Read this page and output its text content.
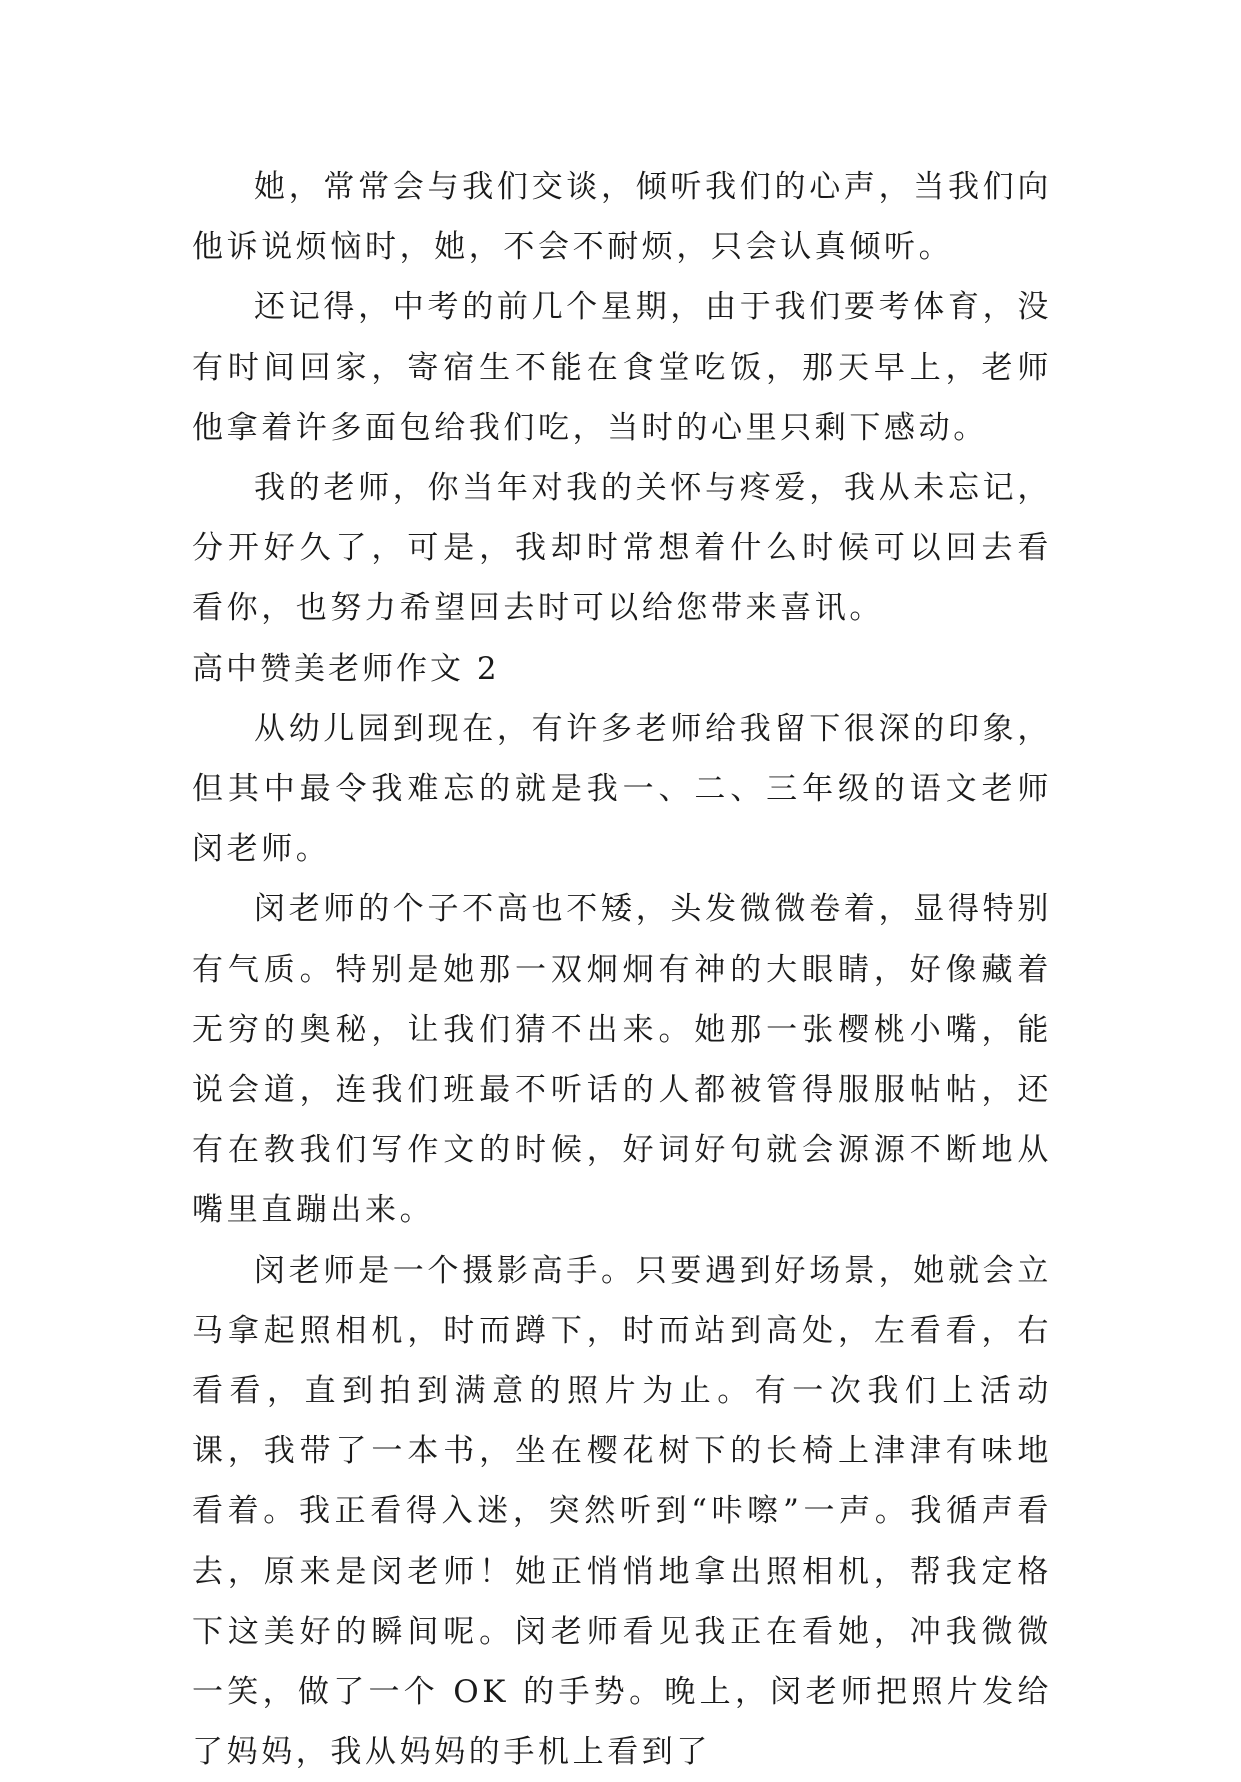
她，常常会与我们交谈，倾听我们的心声，当我们向他诉说烦恼时，她，不会不耐烦，只会认真倾听。

还记得，中考的前几个星期，由于我们要考体育，没有时间回家，寄宿生不能在食堂吃饭，那天早上，老师他拿着许多面包给我们吃，当时的心里只剩下感动。

我的老师，你当年对我的关怀与疼爱，我从未忘记，分开好久了，可是，我却时常想着什么时候可以回去看看你，也努力希望回去时可以给您带来喜讯。

高中赞美老师作文 2

从幼儿园到现在，有许多老师给我留下很深的印象，但其中最令我难忘的就是我一、二、三年级的语文老师闵老师。

闵老师的个子不高也不矮，头发微微卷着，显得特别有气质。特别是她那一双炯炯有神的大眼睛，好像藏着无穷的奥秘，让我们猜不出来。她那一张樱桃小嘴，能说会道，连我们班最不听话的人都被管得服服帖帖，还有在教我们写作文的时候，好词好句就会源源不断地从嘴里直蹦出来。

闵老师是一个摄影高手。只要遇到好场景，她就会立马拿起照相机，时而蹲下，时而站到高处，左看看，右看看，直到拍到满意的照片为止。有一次我们上活动课，我带了一本书，坐在樱花树下的长椅上津津有味地看着。我正看得入迷，突然听到“咔嚓”一声。我循声看去，原来是闵老师！她正悄悄地拿出照相机，帮我定格下这美好的瞬间呢。闵老师看见我正在看她，冲我微微一笑，做了一个 OK 的手势。晚上，闵老师把照片发给了妈妈，我从妈妈的手机上看到了
